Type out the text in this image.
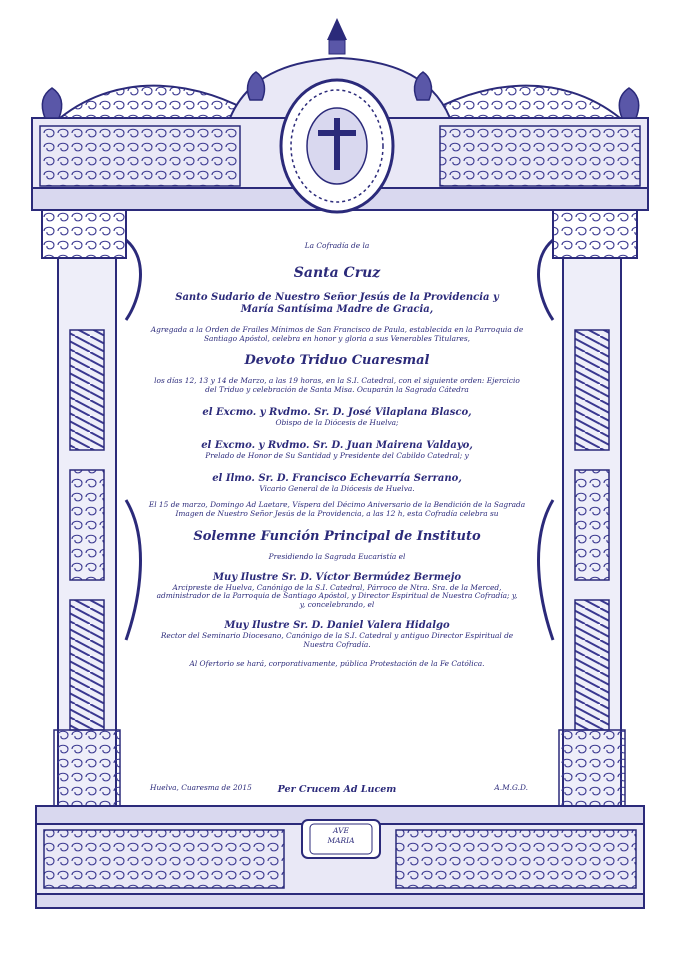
La Cofradía de la
Santa Cruz
Santo Sudario de Nuestro Señor Jesús de la Providencia y
María Santísima Madre de Gracia,
Agregada a la Orden de Frailes Mínimos de San Francisco de Paula, establecida en la Parroquia de
Santiago Apóstol, celebra en honor y gloria a sus Venerables Titulares,
Devoto Triduo Cuaresmal
los días 12, 13 y 14 de Marzo, a las 19 horas, en la S.I. Catedral, con el siguiente orden: Ejercicio
del Triduo y celebración de Santa Misa. Ocuparán la Sagrada Cátedra
el Excmo. y Rvdmo. Sr. D. José Vilaplana Blasco,
Obispo de la Diócesis de Huelva;
el Excmo. y Rvdmo. Sr. D. Juan Mairena Valdayo,
Prelado de Honor de Su Santidad y Presidente del Cabildo Catedral; y
el Ilmo. Sr. D. Francisco Echevarría Serrano,
Vicario General de la Diócesis de Huelva.
El 15 de marzo, Domingo Ad Laetare, Víspera del Décimo Aniversario de la Bendición de la Sagrada
Imagen de Nuestro Señor Jesús de la Providencia, a las 12 h, esta Cofradía celebra su
Solemne Función Principal de Instituto
Presidiendo la Sagrada Eucaristía el
Muy Ilustre Sr. D. Víctor Bermúdez Bermejo
Arcipreste de Huelva, Canónigo de la S.I. Catedral, Párroco de Ntra. Sra. de la Merced,
administrador de la Parroquia de Santiago Apóstol, y Director Espiritual de Nuestra Cofradía; y,
y, concelebrando, el
Muy Ilustre Sr. D. Daniel Valera Hidalgo
Rector del Seminario Diocesano, Canónigo de la S.I. Catedral y antiguo Director Espiritual de
Nuestra Cofradía.
Al Ofertorio se hará, corporativamente, pública Protestación de la Fe Católica.
Huelva, Cuaresma de 2015	Per Crucem Ad Lucem	A.M.G.D.
AVE
MARIA
